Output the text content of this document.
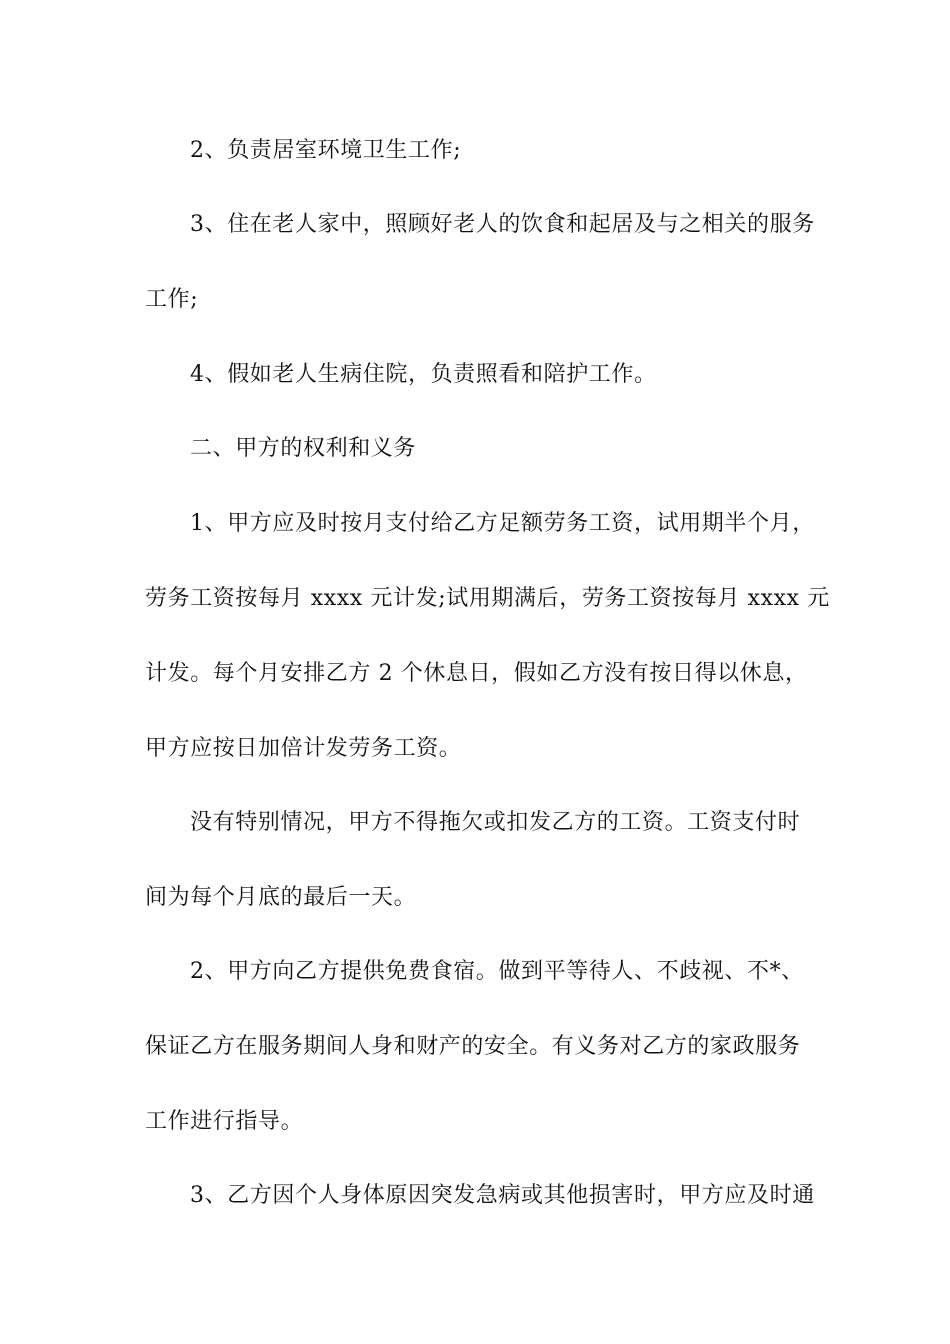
2、负责居室环境卫生工作;
3、住在老人家中，照顾好老人的饮食和起居及与之相关的服务
工作;
4、假如老人生病住院，负责照看和陪护工作。
二、甲方的权利和义务
1、甲方应及时按月支付给乙方足额劳务工资，试用期半个月，
劳务工资按每月 xxxx 元计发;试用期满后，劳务工资按每月 xxxx 元
计发。每个月安排乙方 2 个休息日，假如乙方没有按日得以休息，
甲方应按日加倍计发劳务工资。
没有特别情况，甲方不得拖欠或扣发乙方的工资。工资支付时
间为每个月底的最后一天。
2、甲方向乙方提供免费食宿。做到平等待人、不歧视、不*、
保证乙方在服务期间人身和财产的安全。有义务对乙方的家政服务
工作进行指导。
3、乙方因个人身体原因突发急病或其他损害时，甲方应及时通
